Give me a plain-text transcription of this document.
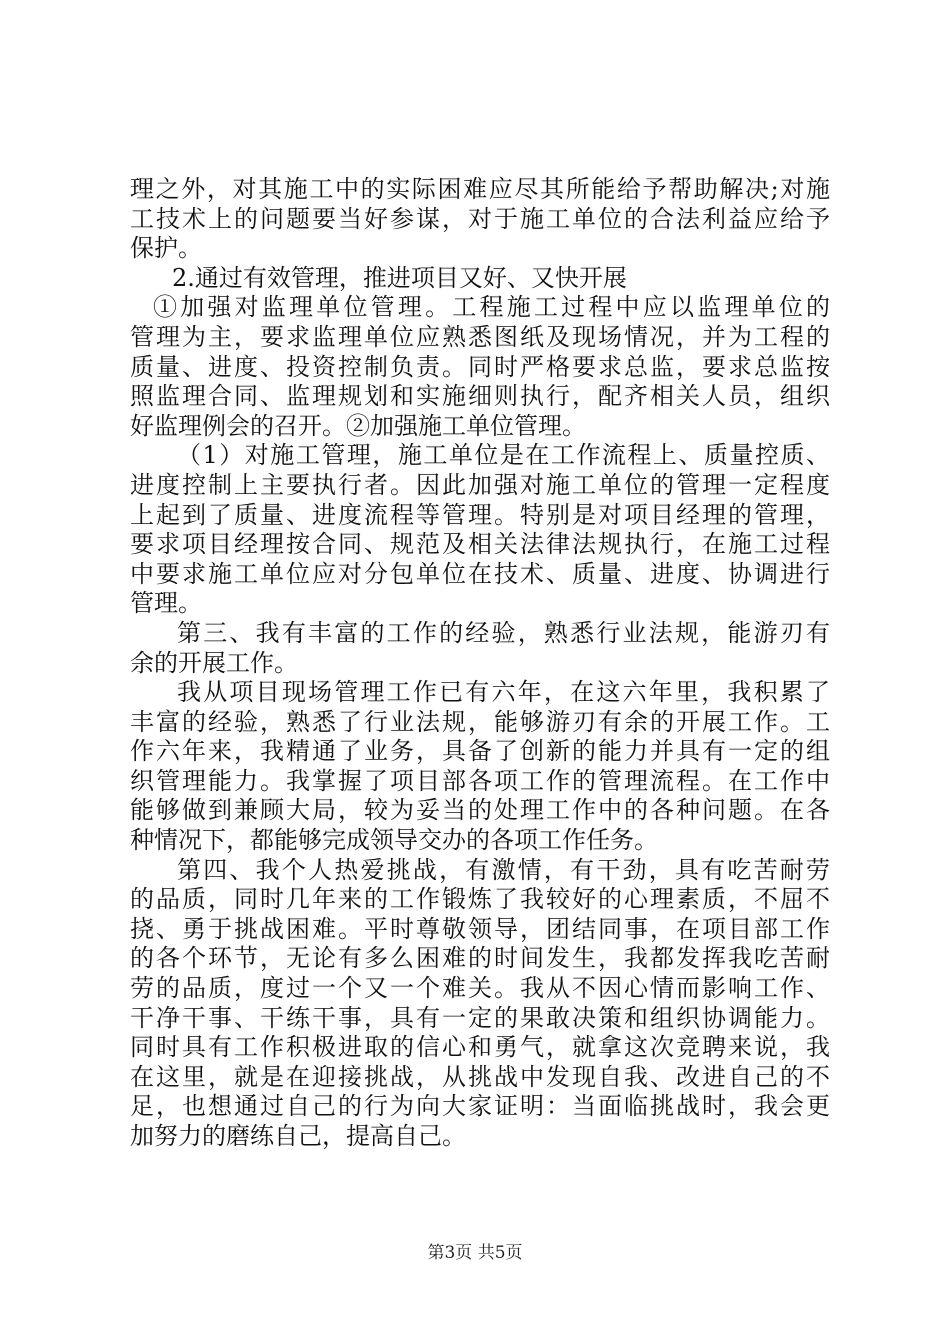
理之外，对其施工中的实际困难应尽其所能给予帮助解决;对施
工技术上的问题要当好参谋，对于施工单位的合法利益应给予
保护。
2.通过有效管理，推进项目又好、又快开展
①加强对监理单位管理。工程施工过程中应以监理单位的
管理为主，要求监理单位应熟悉图纸及现场情况，并为工程的
质量、进度、投资控制负责。同时严格要求总监，要求总监按
照监理合同、监理规划和实施细则执行，配齐相关人员，组织
好监理例会的召开。②加强施工单位管理。
（1）对施工管理，施工单位是在工作流程上、质量控质、
进度控制上主要执行者。因此加强对施工单位的管理一定程度
上起到了质量、进度流程等管理。特别是对项目经理的管理，
要求项目经理按合同、规范及相关法律法规执行，在施工过程
中要求施工单位应对分包单位在技术、质量、进度、协调进行
管理。
第三、我有丰富的工作的经验，熟悉行业法规，能游刃有
余的开展工作。
我从项目现场管理工作已有六年，在这六年里，我积累了
丰富的经验，熟悉了行业法规，能够游刃有余的开展工作。工
作六年来，我精通了业务，具备了创新的能力并具有一定的组
织管理能力。我掌握了项目部各项工作的管理流程。在工作中
能够做到兼顾大局，较为妥当的处理工作中的各种问题。在各
种情况下，都能够完成领导交办的各项工作任务。
第四、我个人热爱挑战，有激情，有干劲，具有吃苦耐劳
的品质，同时几年来的工作锻炼了我较好的心理素质，不屈不
挠、勇于挑战困难。平时尊敬领导，团结同事，在项目部工作
的各个环节，无论有多么困难的时间发生，我都发挥我吃苦耐
劳的品质，度过一个又一个难关。我从不因心情而影响工作、
干净干事、干练干事，具有一定的果敢决策和组织协调能力。
同时具有工作积极进取的信心和勇气，就拿这次竞聘来说，我
在这里，就是在迎接挑战，从挑战中发现自我、改进自己的不
足，也想通过自己的行为向大家证明：当面临挑战时，我会更
加努力的磨练自己，提高自己。
第3页 共5页
